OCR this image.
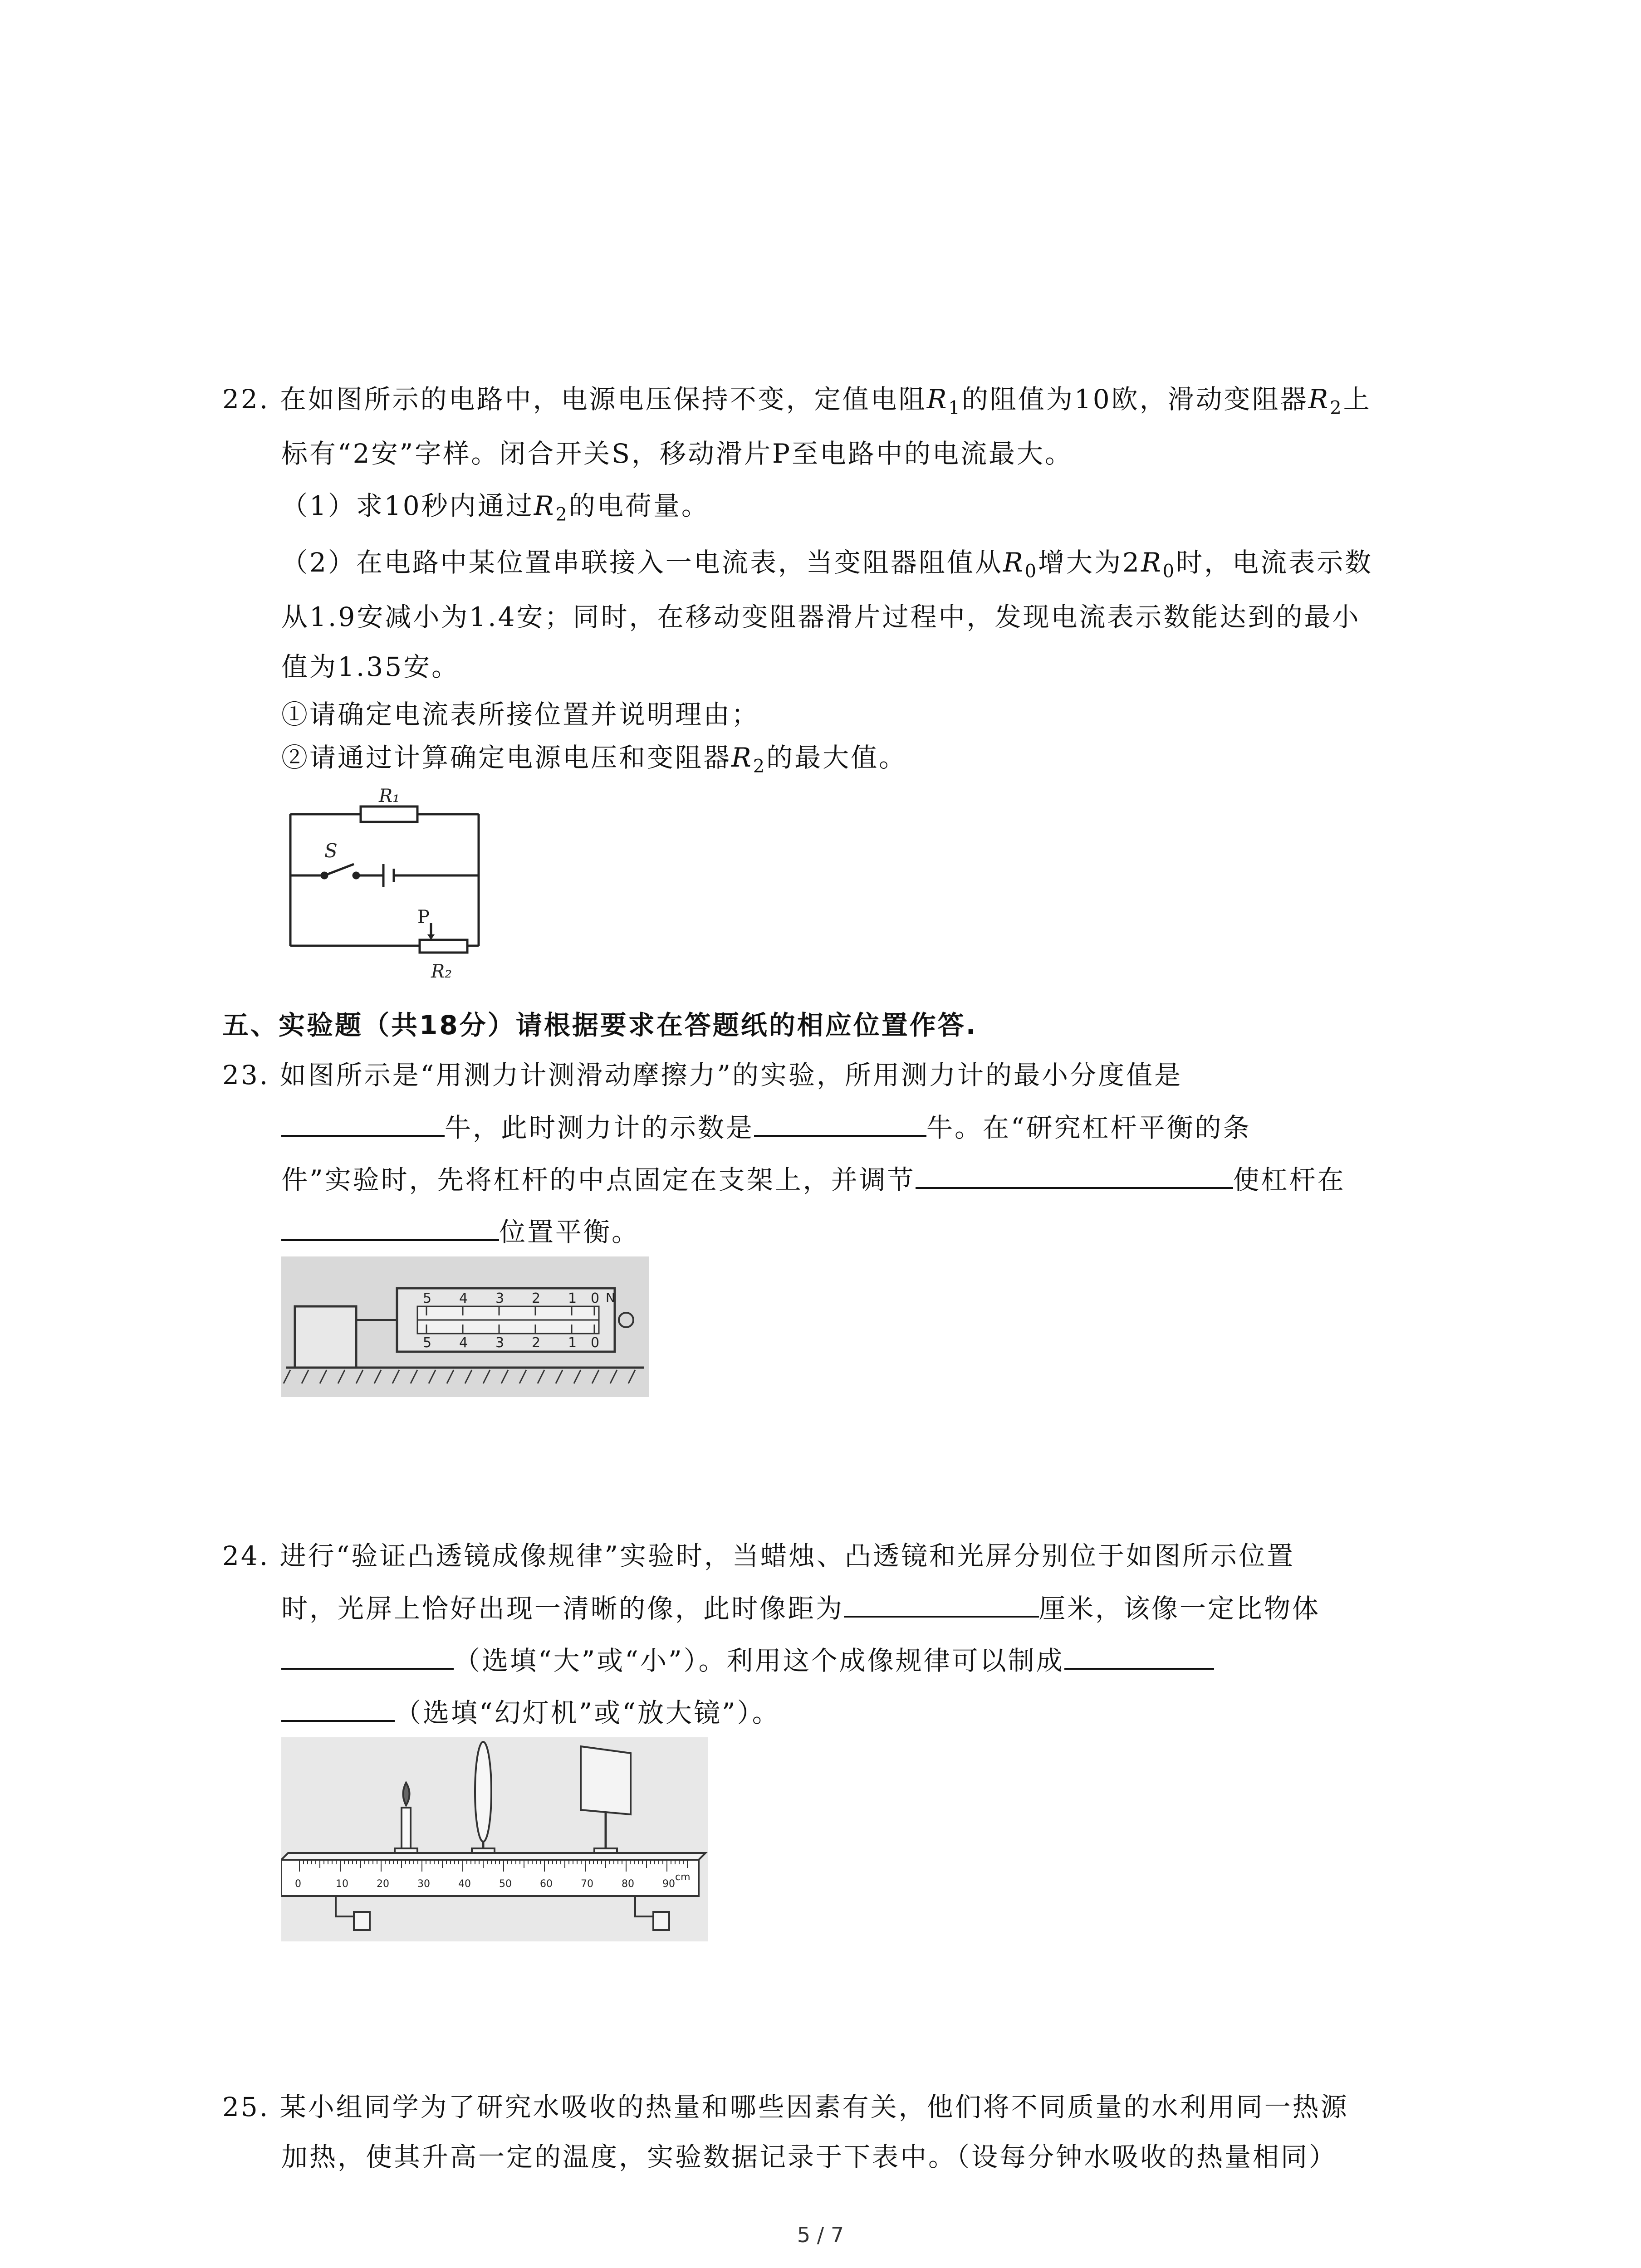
22. 在如图所示的电路中，电源电压保持不变，定值电阻$R_1$的阻值为10欧，滑动变阻器$R_2$上
标有“2安”字样。闭合开关S，移动滑片P至电路中的电流最大。
（1）求10秒内通过$R_2$的电荷量。
（2）在电路中某位置串联接入一电流表，当变阻器阻值从$R_0$增大为$2R_0$时，电流表示数
从1.9安减小为1.4安；同时，在移动变阻器滑片过程中，发现电流表示数能达到的最小
值为1.35安。
①请确定电流表所接位置并说明理由；
②请通过计算确定电源电压和变阻器$R_2$的最大值。
R₁
S
P
R₂
五、实验题（共18分）请根据要求在答题纸的相应位置作答.
23. 如图所示是“用测力计测滑动摩擦力”的实验，所用测力计的最小分度值是
牛，此时测力计的示数是	牛。在“研究杠杆平衡的条
件”实验时，先将杠杆的中点固定在支架上，并调节	使杠杆在
位置平衡。
5 4 3 2 1 0
5 4 3 2 1 0
N
24. 进行“验证凸透镜成像规律”实验时，当蜡烛、凸透镜和光屏分别位于如图所示位置
时，光屏上恰好出现一清晰的像，此时像距为	厘米，该像一定比物体
（选填“大”或“小”）。利用这个成像规律可以制成
（选填“幻灯机”或“放大镜”）。
0	10	20	30	40	50	60	70	80	90
cm
25. 某小组同学为了研究水吸收的热量和哪些因素有关，他们将不同质量的水利用同一热源
加热，使其升高一定的温度，实验数据记录于下表中。（设每分钟水吸收的热量相同）
5 / 7
